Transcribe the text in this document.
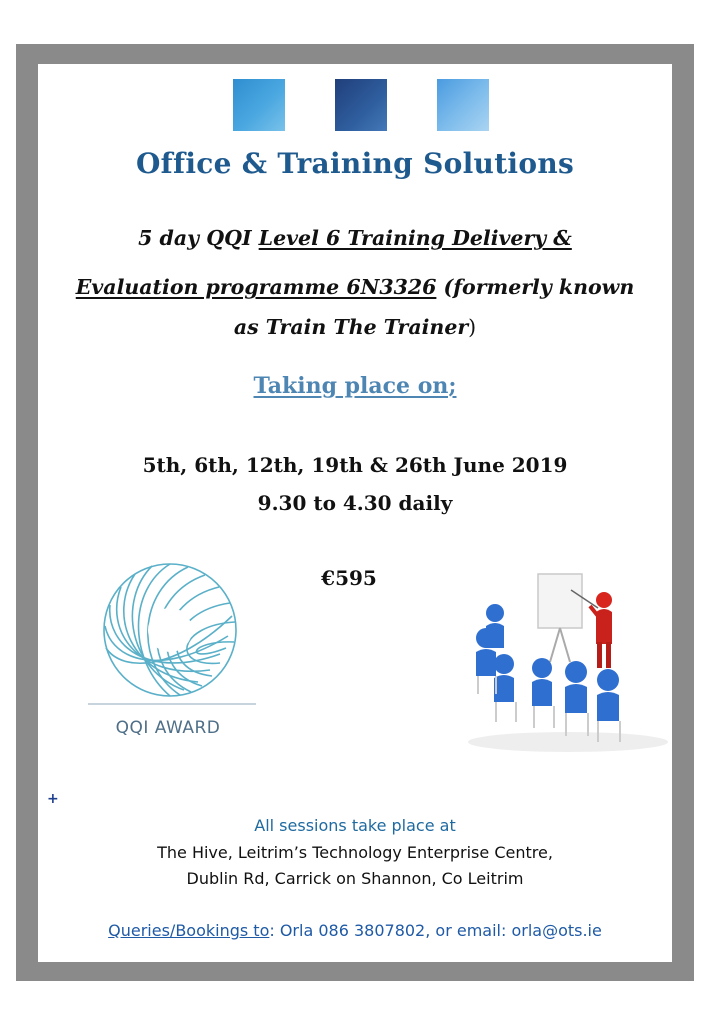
Office & Training Solutions
5 day QQI Level 6 Training Delivery &
Evaluation programme 6N3326 (formerly known
as Train The Trainer)
Taking place on;
5th, 6th, 12th, 19th & 26th June 2019
9.30 to 4.30 daily
€595
QQI AWARD
+
All sessions take place at
The Hive, Leitrim’s Technology Enterprise Centre,
Dublin Rd, Carrick on Shannon, Co Leitrim
Queries/Bookings to: Orla 086 3807802, or email: orla@ots.ie
